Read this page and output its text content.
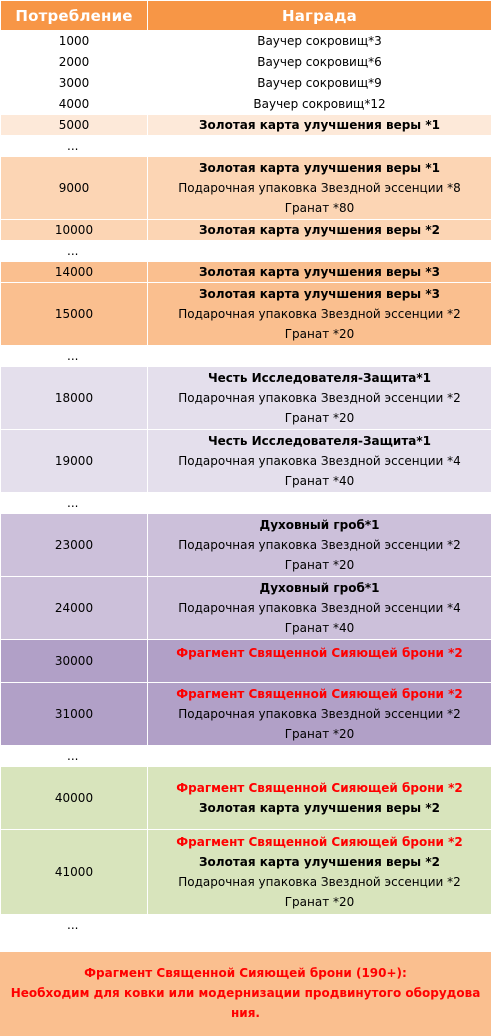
Потребление	Награда
1000	Ваучер сокровищ*3

2000	Ваучер сокровищ*6

3000	Ваучер сокровищ*9

4000	Ваучер сокровищ*12

5000	Золотая карта улучшения веры *1

...	
9000	Золотая карта улучшения веры *1
Подарочная упаковка Звездной эссенции *8
Гранат *80

10000	Золотая карта улучшения веры *2

...	
14000	Золотая карта улучшения веры *3

15000	Золотая карта улучшения веры *3
Подарочная упаковка Звездной эссенции *2
Гранат *20

...	
18000	Честь Исследователя-Защита*1
Подарочная упаковка Звездной эссенции *2
Гранат *20

19000	Честь Исследователя-Защита*1
Подарочная упаковка Звездной эссенции *4
Гранат *40

...	
23000	Духовный гроб*1
Подарочная упаковка Звездной эссенции *2
Гранат *20

24000	Духовный гроб*1
Подарочная упаковка Звездной эссенции *4
Гранат *40

30000	Фрагмент Священной Сияющей брони *2

31000	Фрагмент Священной Сияющей брони *2
Подарочная упаковка Звездной эссенции *2
Гранат *20

...	
40000	Фрагмент Священной Сияющей брони *2
Золотая карта улучшения веры *2

41000	Фрагмент Священной Сияющей брони *2
Золотая карта улучшения веры *2
Подарочная упаковка Звездной эссенции *2
Гранат *20

...	
Фрагмент Священной Сияющей брони (190+):
Необходим для ковки или модернизации продвинутого оборудова
ния.
